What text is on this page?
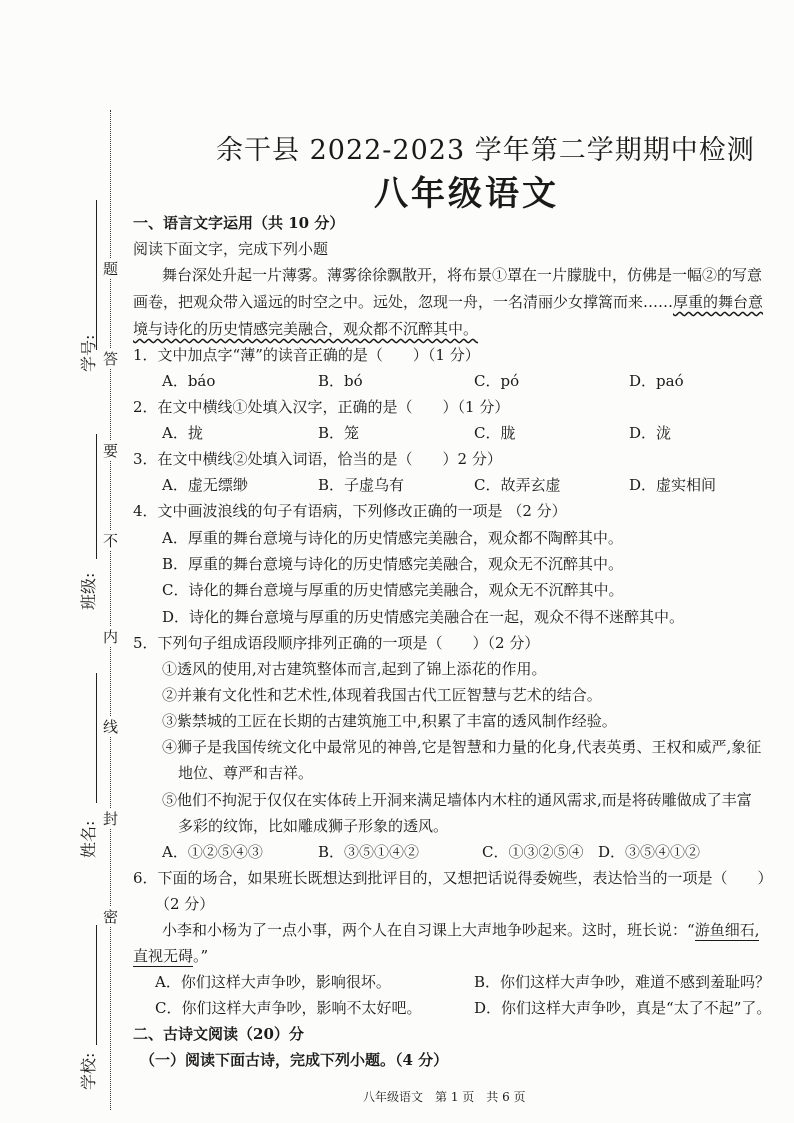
题
答
要
不
内
线
封
密
学号:
班级:
姓名:
学校:
余干县 2022-2023 学年第二学期期中检测
八年级语文
一、语言文字运用（共 10 分）
阅读下面文字，完成下列小题
舞台深处升起一片薄雾。薄雾徐徐飘散开，将布景①罩在一片朦胧中，仿佛是一幅②的写意
画卷，把观众带入遥远的时空之中。远处，忽现一舟，一名清丽少女撑篙而来……厚重的舞台意
境与诗化的历史情感完美融合，观众都不沉醉其中。
1．文中加点字“薄”的读音正确的是（　　）（1 分）
A．báo	B．bó	C．pó	D．paó
2．在文中横线①处填入汉字，正确的是（　　）（1 分）
A．拢	B．笼	C．胧	D．泷
3．在文中横线②处填入词语，恰当的是（　　）2 分）
A．虚无缥缈	B．子虚乌有	C．故弄玄虚	D．虚实相间
4．文中画波浪线的句子有语病，下列修改正确的一项是 （2 分）
A．厚重的舞台意境与诗化的历史情感完美融合，观众都不陶醉其中。
B．厚重的舞台意境与诗化的历史情感完美融合，观众无不沉醉其中。
C．诗化的舞台意境与厚重的历史情感完美融合，观众无不沉醉其中。
D．诗化的舞台意境与厚重的历史情感完美融合在一起，观众不得不迷醉其中。
5．下列句子组成语段顺序排列正确的一项是（　　）（2 分）
①透风的使用,对古建筑整体而言,起到了锦上添花的作用。
②并兼有文化性和艺术性,体现着我国古代工匠智慧与艺术的结合。
③紫禁城的工匠在长期的古建筑施工中,积累了丰富的透风制作经验。
④狮子是我国传统文化中最常见的神兽,它是智慧和力量的化身,代表英勇、王权和威严,象征
地位、尊严和吉祥。
⑤他们不拘泥于仅仅在实体砖上开洞来满足墙体内木柱的通风需求,而是将砖雕做成了丰富
多彩的纹饰，比如雕成狮子形象的透风。
A．①②⑤④③	B．③⑤①④②	C．①③②⑤④ D．③⑤④①②
6．下面的场合，如果班长既想达到批评目的，又想把话说得委婉些，表达恰当的一项是（　　）
（2 分）
小李和小杨为了一点小事，两个人在自习课上大声地争吵起来。这时，班长说：“游鱼细石,
直视无碍。”
A．你们这样大声争吵，影响很坏。	B．你们这样大声争吵，难道不感到羞耻吗？
C．你们这样大声争吵，影响不太好吧。	D．你们这样大声争吵，真是“太了不起”了。
二、古诗文阅读（20）分
（一）阅读下面古诗，完成下列小题。（4 分）
八年级语文　第 1 页　共 6 页
